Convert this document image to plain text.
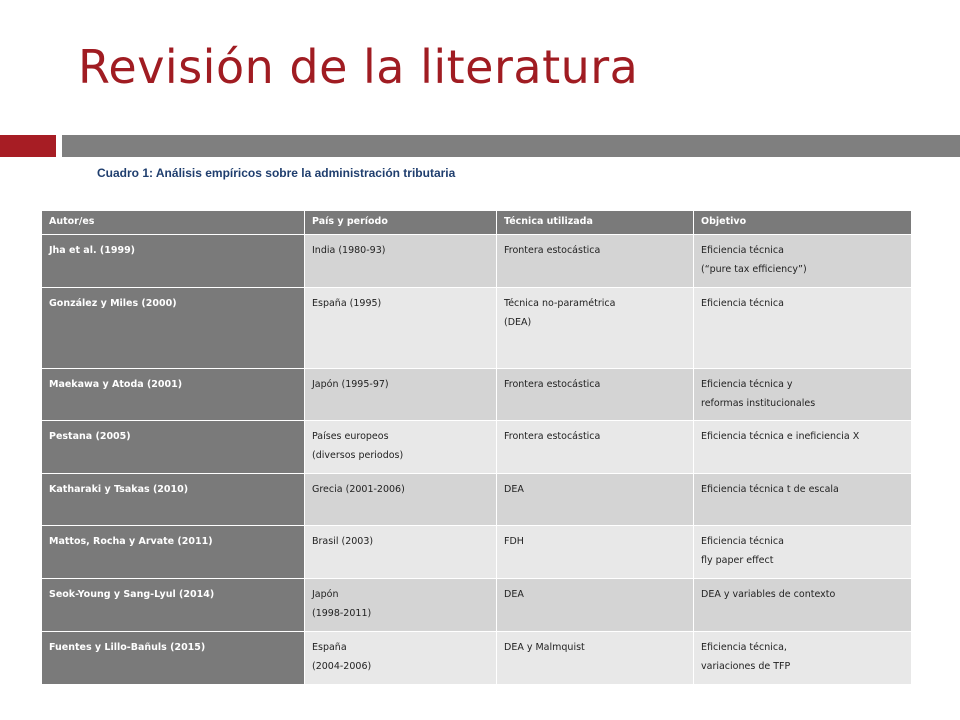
Revisión de la literatura
Cuadro 1: Análisis empíricos sobre la administración tributaria
Autor/es	País y período	Técnica utilizada	Objetivo
Jha et al. (1999)	India (1980-93)	Frontera estocástica	Eficiencia técnica
(“pure tax efficiency”)

González y Miles (2000)	España (1995)	Técnica no-paramétrica
(DEA)	Eficiencia técnica

Maekawa y Atoda (2001)	Japón (1995-97)	Frontera estocástica	Eficiencia técnica y
reformas institucionales

Pestana (2005)	Países europeos
(diversos periodos)	Frontera estocástica	Eficiencia técnica e ineficiencia X

Katharaki y Tsakas (2010)	Grecia (2001-2006)	DEA	Eficiencia técnica t de escala

Mattos, Rocha y Arvate (2011)	Brasil (2003)	FDH	Eficiencia técnica
fly paper effect

Seok-Young y Sang-Lyul (2014)	Japón
(1998-2011)	DEA	DEA y variables de contexto

Fuentes y Lillo-Bañuls (2015)	España
(2004-2006)	DEA y Malmquist	Eficiencia técnica,
variaciones de TFP
